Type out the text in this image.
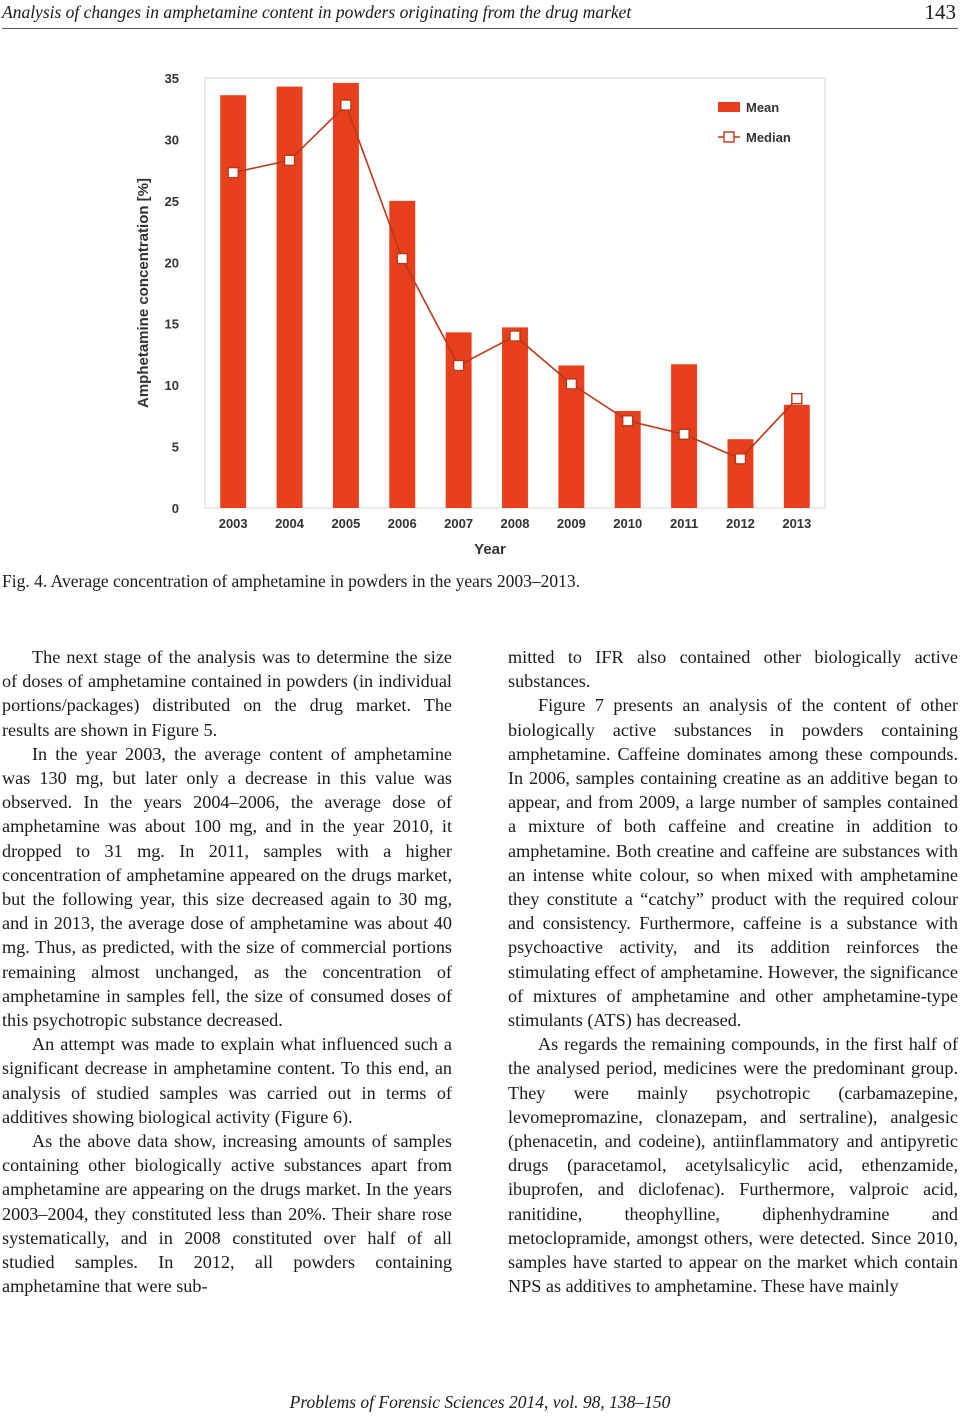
Analysis of changes in amphetamine content in powders originating from the drug market	143
0
5
10
15
20
25
30
35
Amphetamine concentration [%]
2003 2004 2005 2006 2007 2008 2009 2010 2011 2012 2013
Year
Mean
Median
Fig. 4. Average concentration of amphetamine in powders in the years 2003–2013.

The next stage of the analysis was to determine the size of doses of amphetamine contained in powders (in individual portions/packages) distributed on the drug market. The results are shown in Figure 5.

In the year 2003, the average content of amphetamine was 130 mg, but later only a decrease in this value was observed. In the years 2004–2006, the average dose of amphetamine was about 100 mg, and in the year 2010, it dropped to 31 mg. In 2011, samples with a higher concentration of amphetamine appeared on the drugs market, but the following year, this size decreased again to 30 mg, and in 2013, the average dose of amphetamine was about 40 mg. Thus, as predicted, with the size of commercial portions remaining almost unchanged, as the concentration of amphetamine in samples fell, the size of consumed doses of this psychotropic substance decreased.

An attempt was made to explain what influenced such a significant decrease in amphetamine content. To this end, an analysis of studied samples was carried out in terms of additives showing biological activity (Figure 6).

As the above data show, increasing amounts of samples containing other biologically active substances apart from amphetamine are appearing on the drugs market. In the years 2003–2004, they constituted less than 20%. Their share rose systematically, and in 2008 constituted over half of all studied samples. In 2012, all powders containing amphetamine that were sub-

mitted to IFR also contained other biologically active substances.

Figure 7 presents an analysis of the content of other biologically active substances in powders containing amphetamine. Caffeine dominates among these compounds. In 2006, samples containing creatine as an additive began to appear, and from 2009, a large number of samples contained a mixture of both caffeine and creatine in addition to amphetamine. Both creatine and caffeine are substances with an intense white colour, so when mixed with amphetamine they constitute a “catchy” product with the required colour and consistency. Furthermore, caffeine is a substance with psychoactive activity, and its addition reinforces the stimulating effect of amphetamine. However, the significance of mixtures of amphetamine and other amphetamine-type stimulants (ATS) has decreased.

As regards the remaining compounds, in the first half of the analysed period, medicines were the predominant group. They were mainly psychotropic (carbamazepine, levomepromazine, clonazepam, and sertraline), analgesic (phenacetin, and codeine), antiinflammatory and antipyretic drugs (paracetamol, acetylsalicylic acid, ethenzamide, ibuprofen, and diclofenac). Furthermore, valproic acid, ranitidine, theophylline, diphenhydramine and metoclopramide, amongst others, were detected. Since 2010, samples have started to appear on the market which contain NPS as additives to amphetamine. These have mainly

Problems of Forensic Sciences 2014, vol. 98, 138–150
